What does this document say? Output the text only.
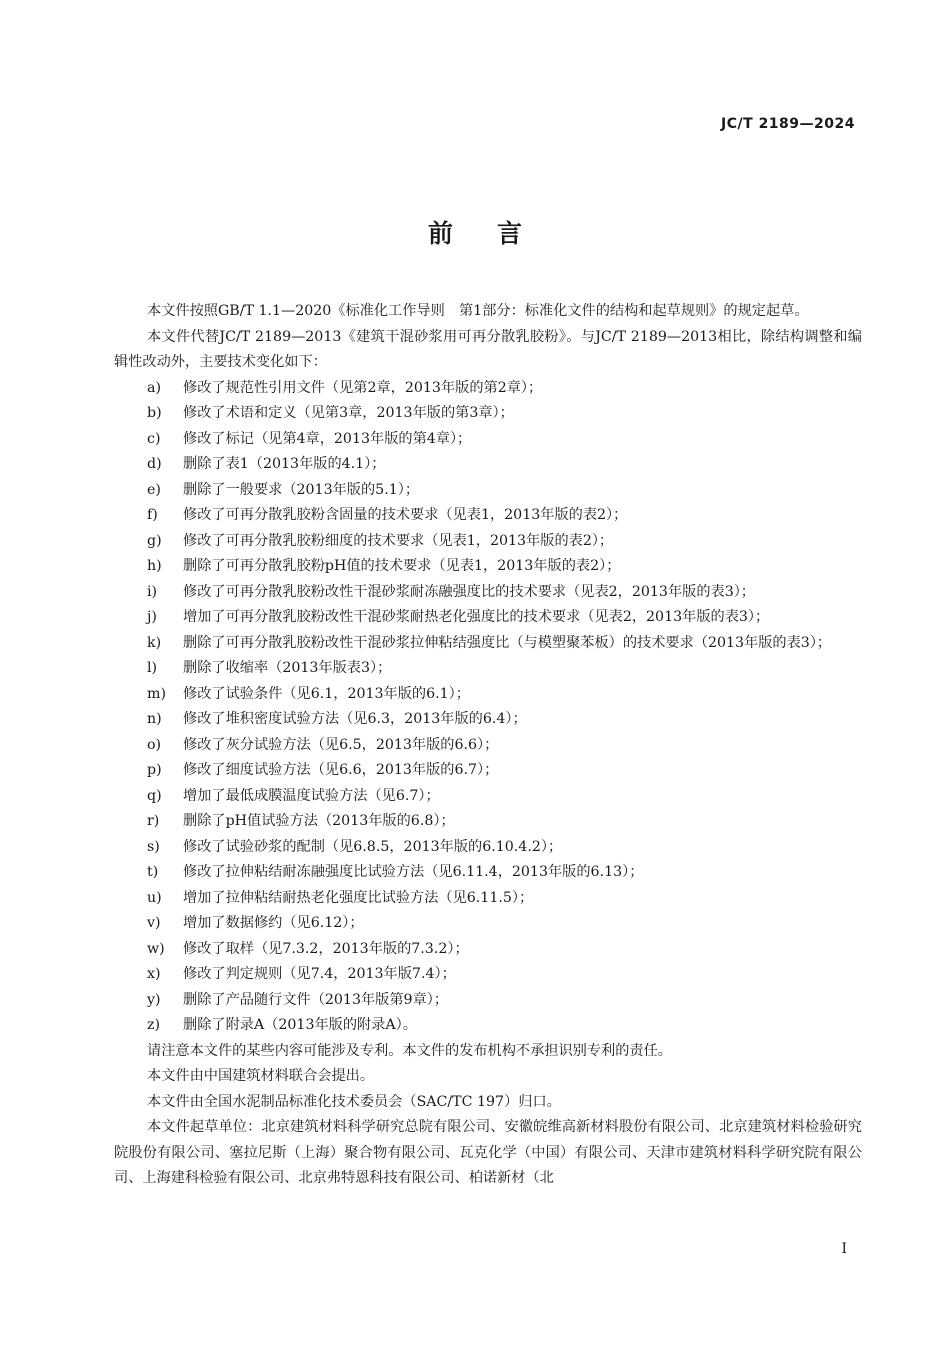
JC/T 2189—2024
前言
本文件按照GB/T 1.1—2020《标准化工作导则　第1部分：标准化文件的结构和起草规则》的规定起草。
本文件代替JC/T 2189—2013《建筑干混砂浆用可再分散乳胶粉》。与JC/T 2189—2013相比，除结构调整和编辑性改动外，主要技术变化如下：
a) 修改了规范性引用文件（见第2章，2013年版的第2章）；
b) 修改了术语和定义（见第3章，2013年版的第3章）；
c) 修改了标记（见第4章，2013年版的第4章）；
d) 删除了表1（2013年版的4.1）；
e) 删除了一般要求（2013年版的5.1）；
f) 修改了可再分散乳胶粉含固量的技术要求（见表1，2013年版的表2）；
g) 修改了可再分散乳胶粉细度的技术要求（见表1，2013年版的表2）；
h) 删除了可再分散乳胶粉pH值的技术要求（见表1，2013年版的表2）；
i) 修改了可再分散乳胶粉改性干混砂浆耐冻融强度比的技术要求（见表2，2013年版的表3）；
j) 增加了可再分散乳胶粉改性干混砂浆耐热老化强度比的技术要求（见表2，2013年版的表3）；
k) 删除了可再分散乳胶粉改性干混砂浆拉伸粘结强度比（与模塑聚苯板）的技术要求（2013年版的表3）；
l) 删除了收缩率（2013年版表3）；
m) 修改了试验条件（见6.1，2013年版的6.1）；
n) 修改了堆积密度试验方法（见6.3，2013年版的6.4）；
o) 修改了灰分试验方法（见6.5，2013年版的6.6）；
p) 修改了细度试验方法（见6.6，2013年版的6.7）；
q) 增加了最低成膜温度试验方法（见6.7）；
r) 删除了pH值试验方法（2013年版的6.8）；
s) 修改了试验砂浆的配制（见6.8.5，2013年版的6.10.4.2）；
t) 修改了拉伸粘结耐冻融强度比试验方法（见6.11.4，2013年版的6.13）；
u) 增加了拉伸粘结耐热老化强度比试验方法（见6.11.5）；
v) 增加了数据修约（见6.12）；
w) 修改了取样（见7.3.2，2013年版的7.3.2）；
x) 修改了判定规则（见7.4，2013年版7.4）；
y) 删除了产品随行文件（2013年版第9章）；
z) 删除了附录A（2013年版的附录A）。
请注意本文件的某些内容可能涉及专利。本文件的发布机构不承担识别专利的责任。
本文件由中国建筑材料联合会提出。
本文件由全国水泥制品标准化技术委员会（SAC/TC 197）归口。
本文件起草单位：北京建筑材料科学研究总院有限公司、安徽皖维高新材料股份有限公司、北京建筑材料检验研究院股份有限公司、塞拉尼斯（上海）聚合物有限公司、瓦克化学（中国）有限公司、天津市建筑材料科学研究院有限公司、上海建科检验有限公司、北京弗特恩科技有限公司、柏诺新材（北
I
